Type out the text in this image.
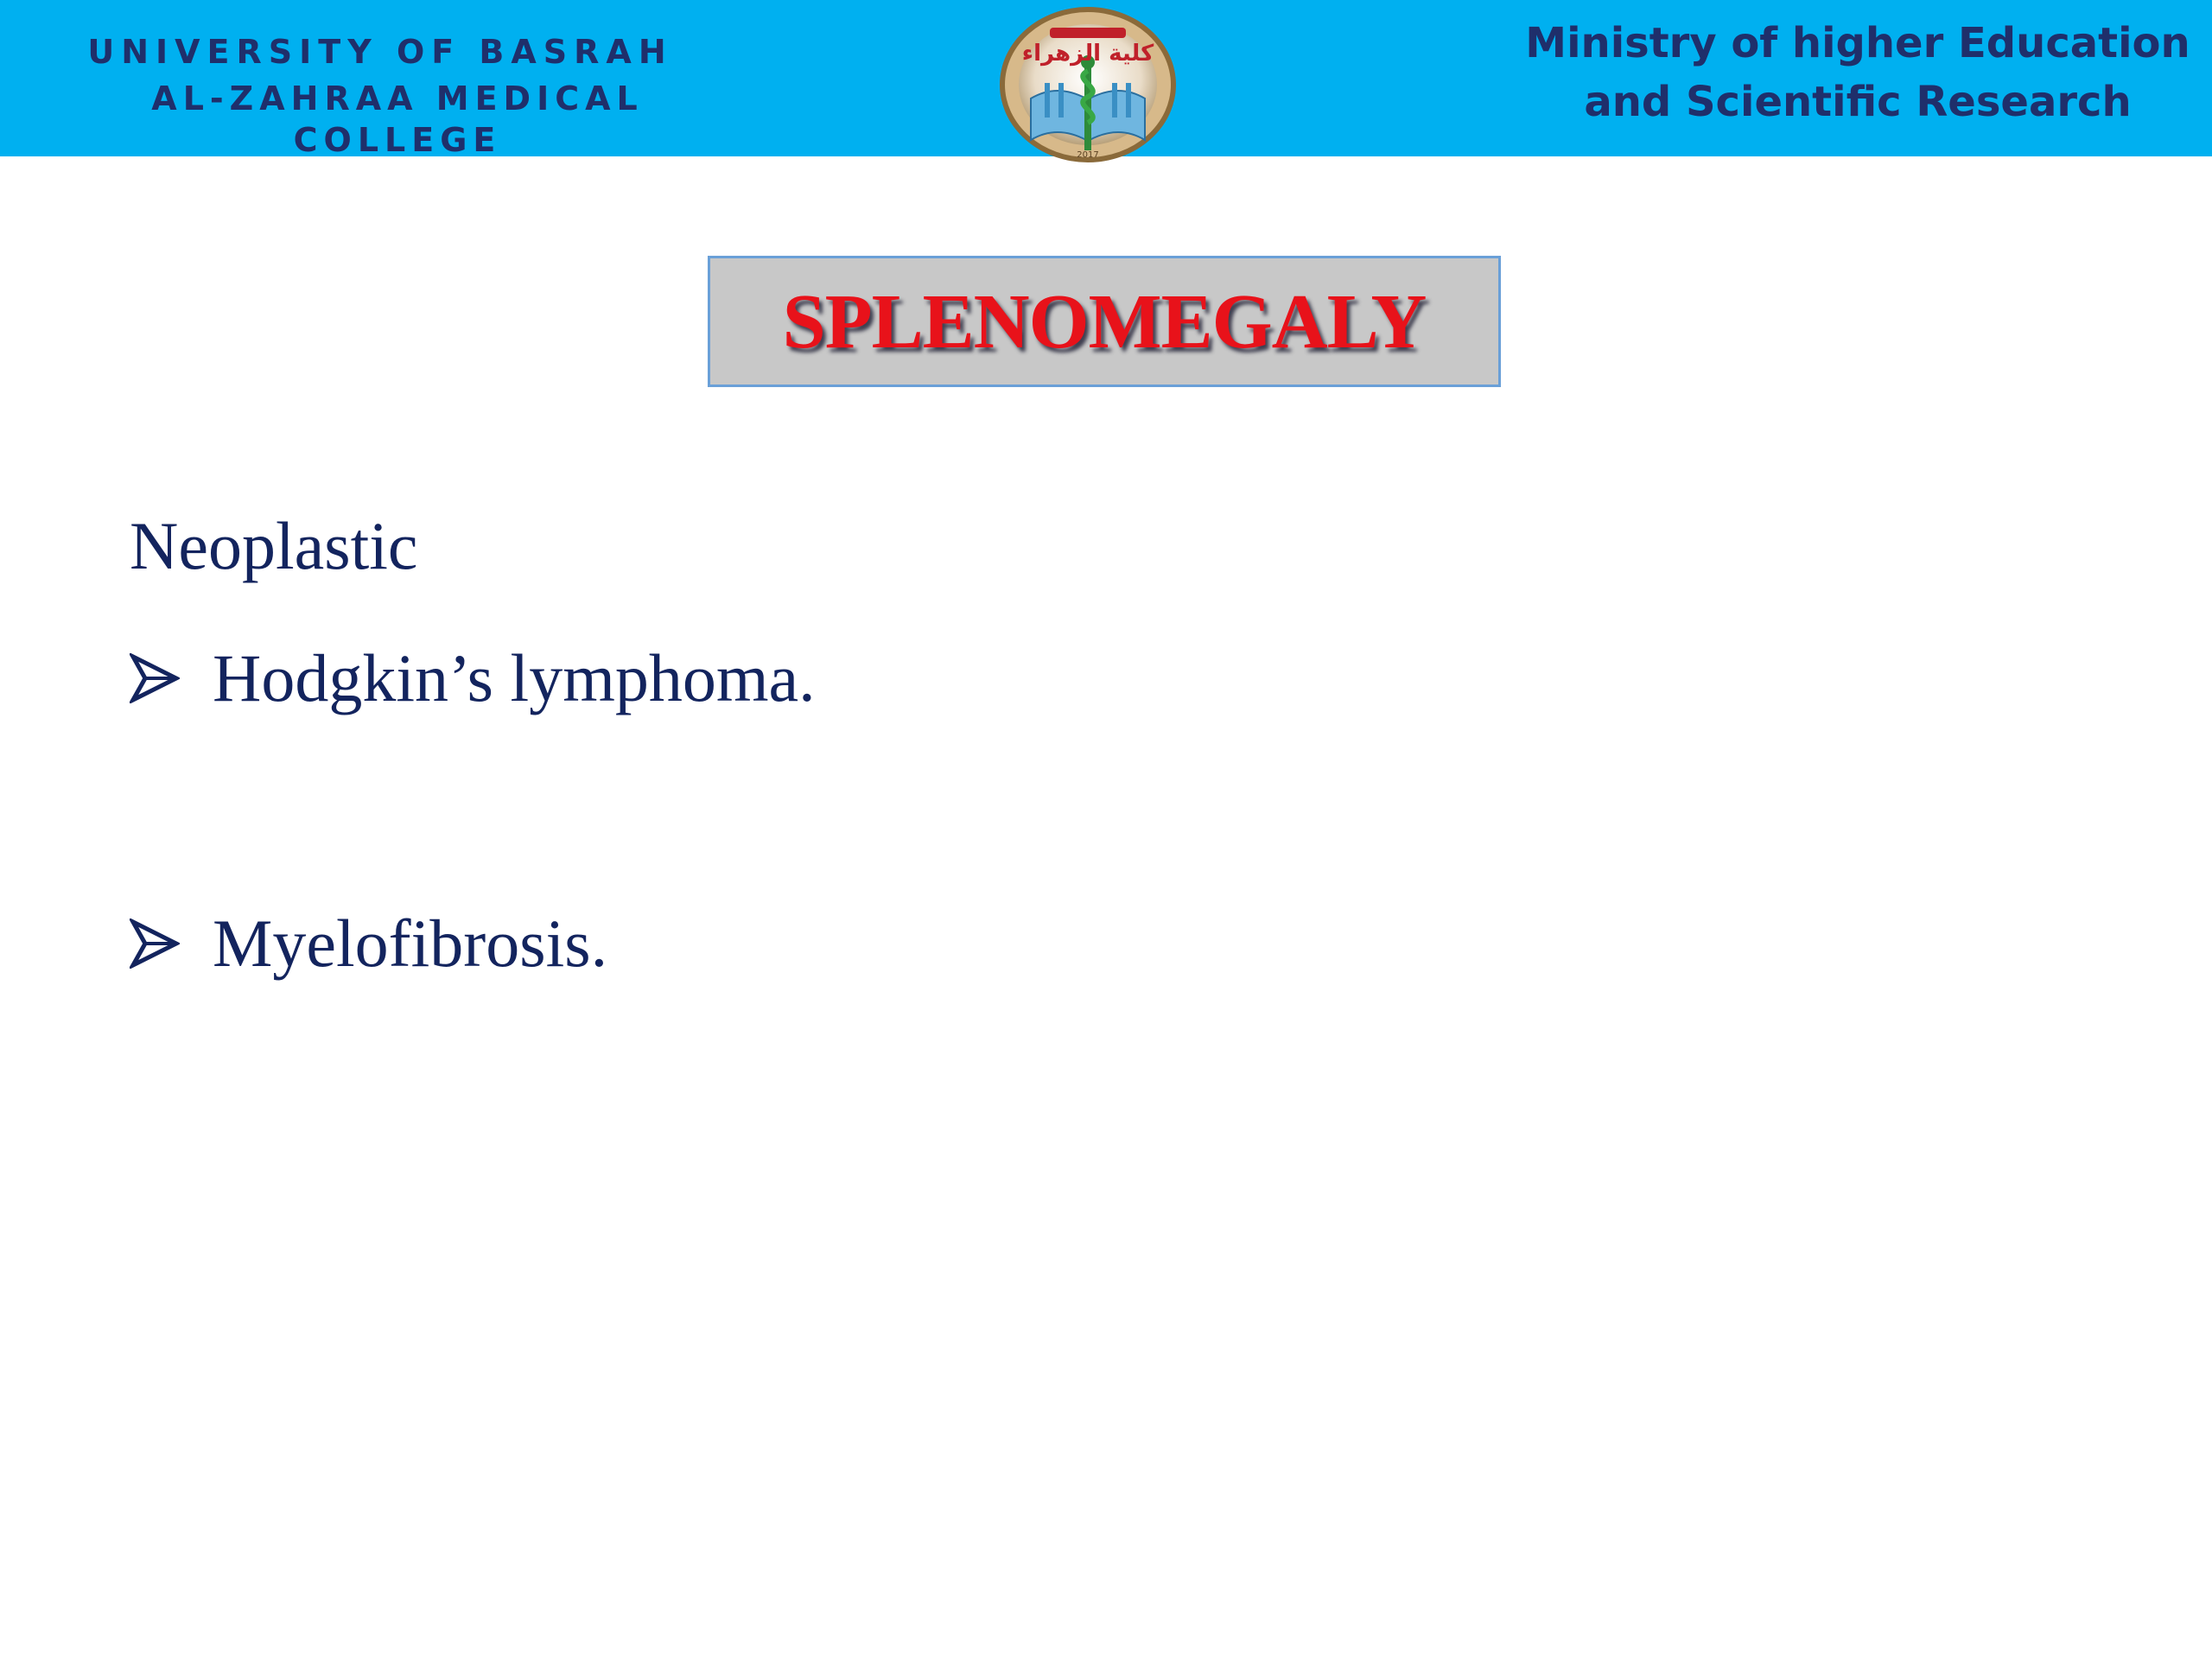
UNIVERSITY OF BASRAH
AL-ZAHRAA MEDICAL COLLEGE
كلية الزهراء
2017
Ministry of higher Education
and Scientific Research
SPLENOMEGALY
Neoplastic
Hodgkin’s lymphoma.
Myelofibrosis.
